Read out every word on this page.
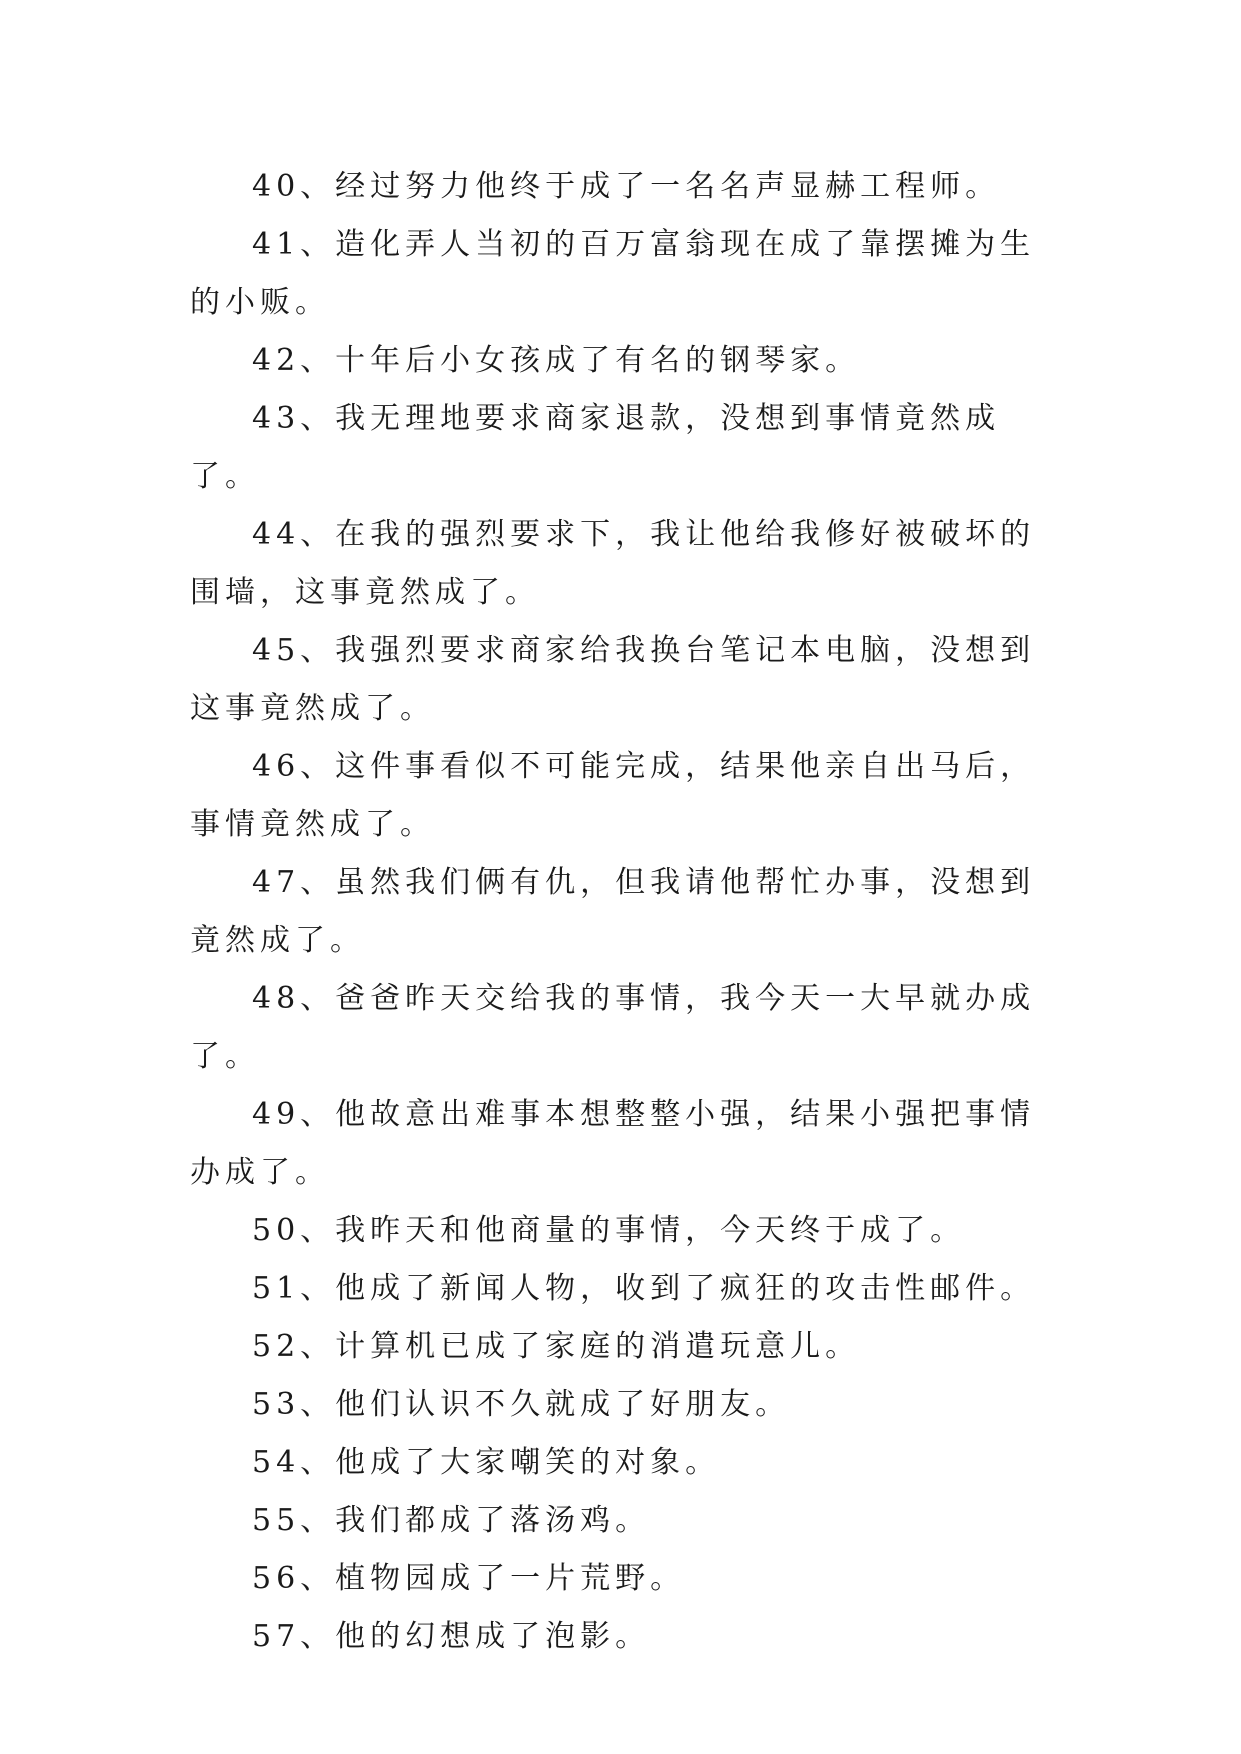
40、经过努力他终于成了一名名声显赫工程师。

41、造化弄人当初的百万富翁现在成了靠摆摊为生的小贩。

42、十年后小女孩成了有名的钢琴家。

43、我无理地要求商家退款，没想到事情竟然成了。

44、在我的强烈要求下，我让他给我修好被破坏的围墙，这事竟然成了。

45、我强烈要求商家给我换台笔记本电脑，没想到这事竟然成了。

46、这件事看似不可能完成，结果他亲自出马后，事情竟然成了。

47、虽然我们俩有仇，但我请他帮忙办事，没想到竟然成了。

48、爸爸昨天交给我的事情，我今天一大早就办成了。

49、他故意出难事本想整整小强，结果小强把事情办成了。

50、我昨天和他商量的事情，今天终于成了。

51、他成了新闻人物，收到了疯狂的攻击性邮件。

52、计算机已成了家庭的消遣玩意儿。

53、他们认识不久就成了好朋友。

54、他成了大家嘲笑的对象。

55、我们都成了落汤鸡。

56、植物园成了一片荒野。

57、他的幻想成了泡影。
